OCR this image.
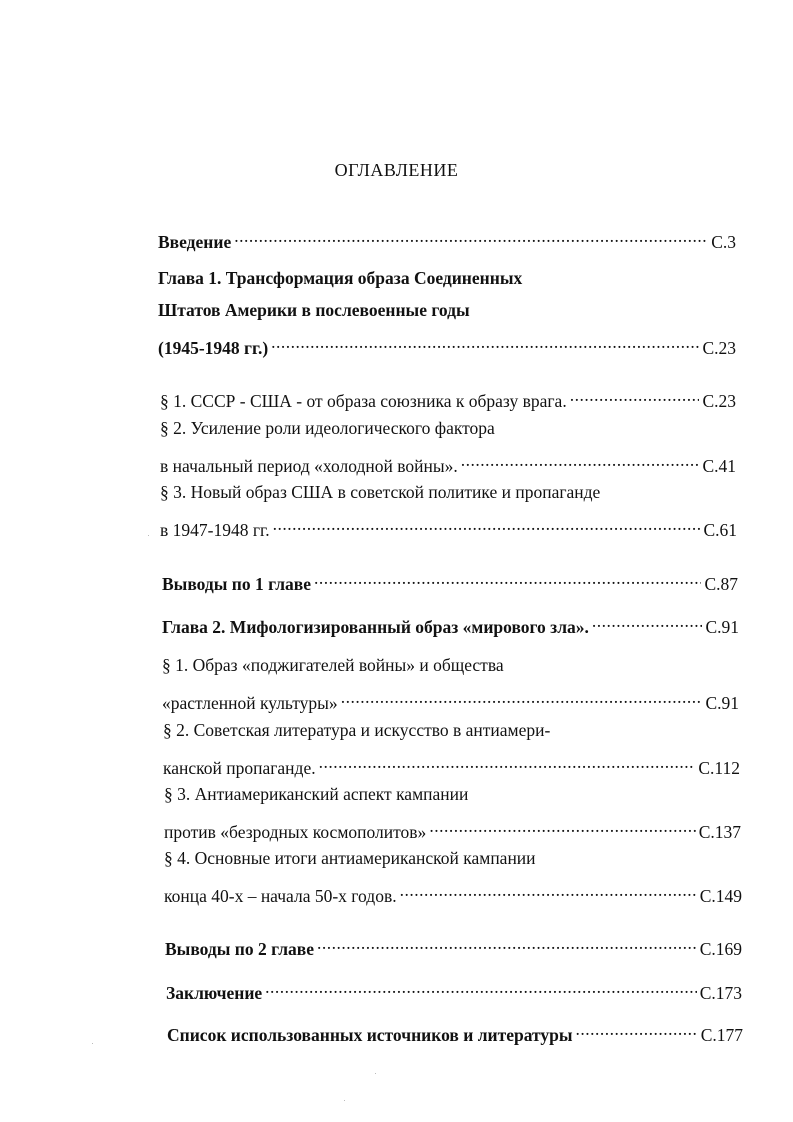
ОГЛАВЛЕНИЕ
Введение .....	С.3
Глава 1. Трансформация образа Соединенных
Штатов Америки в послевоенные годы
(1945-1948 гг.) .....	С.23
§ 1. СССР - США - от образа союзника к образу врага. .....	С.23
§ 2. Усиление роли идеологического фактора
в начальный период «холодной войны». .....	С.41
§ 3. Новый образ США в советской политике и пропаганде
в 1947-1948 гг. .....	С.61
Выводы по 1 главе .....	С.87
Глава 2. Мифологизированный образ «мирового зла». .....	С.91
§ 1. Образ «поджигателей войны» и общества
«растленной культуры» .....	С.91
§ 2. Советская литература и искусство в антиамери-
канской пропаганде. .....	С.112
§ 3. Антиамериканский аспект кампании
против «безродных космополитов» .....	С.137
§ 4. Основные итоги антиамериканской кампании
конца 40-х – начала 50-х годов. .....	С.149
Выводы по 2 главе .....	С.169
Заключение .....	С.173
Список использованных источников и литературы .....	С.177
